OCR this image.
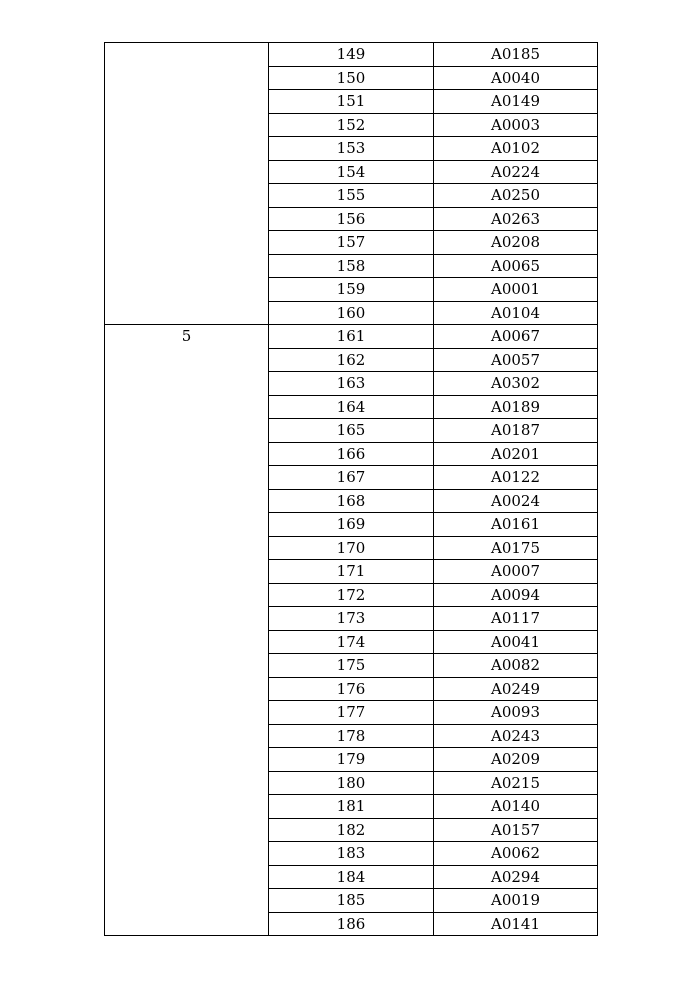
	149	A0185
	150	A0040
	151	A0149
	152	A0003
	153	A0102
	154	A0224
	155	A0250
	156	A0263
	157	A0208
	158	A0065
	159	A0001
	160	A0104
5	161	A0067
	162	A0057
	163	A0302
	164	A0189
	165	A0187
	166	A0201
	167	A0122
	168	A0024
	169	A0161
	170	A0175
	171	A0007
	172	A0094
	173	A0117
	174	A0041
	175	A0082
	176	A0249
	177	A0093
	178	A0243
	179	A0209
	180	A0215
	181	A0140
	182	A0157
	183	A0062
	184	A0294
	185	A0019
	186	A0141
